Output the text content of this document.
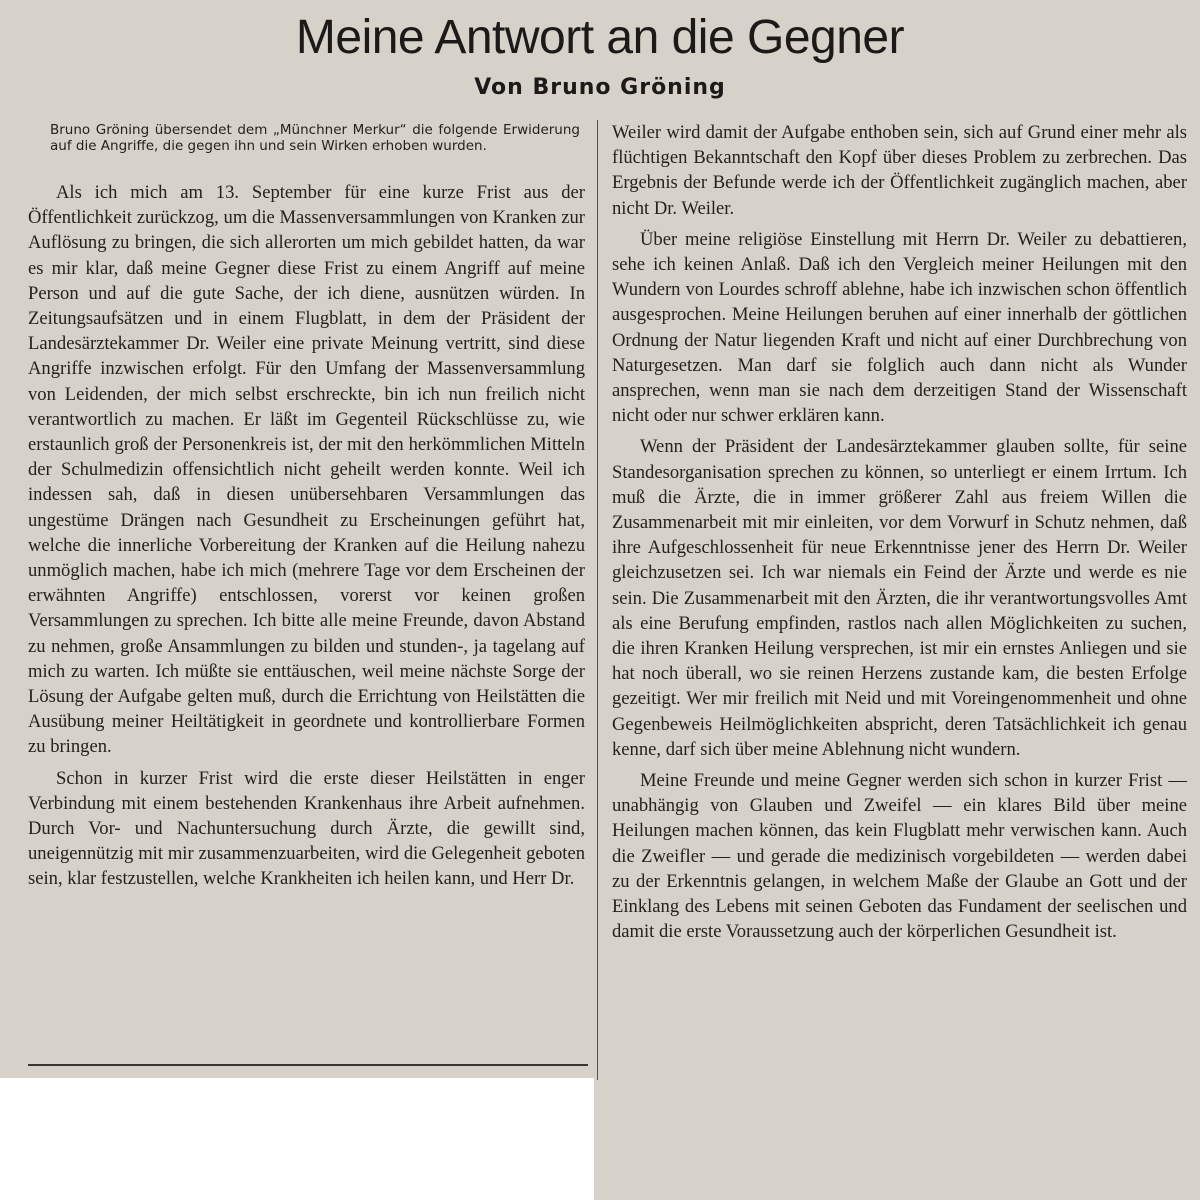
Meine Antwort an die Gegner
Von Bruno Gröning
Bruno Gröning übersendet dem „Münchner Merkur“ die folgende Erwiderung auf die Angriffe, die gegen ihn und sein Wirken erhoben wurden.

Als ich mich am 13. September für eine kurze Frist aus der Öffentlichkeit zurückzog, um die Massenversammlungen von Kranken zur Auflösung zu bringen, die sich allerorten um mich gebildet hatten, da war es mir klar, daß meine Gegner diese Frist zu einem Angriff auf meine Person und auf die gute Sache, der ich diene, ausnützen würden. In Zeitungsaufsätzen und in einem Flugblatt, in dem der Präsident der Landesärztekammer Dr. Weiler eine private Meinung vertritt, sind diese Angriffe inzwischen erfolgt. Für den Umfang der Massenversammlung von Leidenden, der mich selbst erschreckte, bin ich nun freilich nicht verantwortlich zu machen. Er läßt im Gegenteil Rückschlüsse zu, wie erstaunlich groß der Personenkreis ist, der mit den herkömmlichen Mitteln der Schulmedizin offensichtlich nicht geheilt werden konnte. Weil ich indessen sah, daß in diesen unübersehbaren Versammlungen das ungestüme Drängen nach Gesundheit zu Erscheinungen geführt hat, welche die innerliche Vorbereitung der Kranken auf die Heilung nahezu unmöglich machen, habe ich mich (mehrere Tage vor dem Erscheinen der erwähnten Angriffe) entschlossen, vorerst vor keinen großen Versammlungen zu sprechen. Ich bitte alle meine Freunde, davon Abstand zu nehmen, große Ansammlungen zu bilden und stunden-, ja tagelang auf mich zu warten. Ich müßte sie enttäuschen, weil meine nächste Sorge der Lösung der Aufgabe gelten muß, durch die Errichtung von Heilstätten die Ausübung meiner Heiltätigkeit in geordnete und kontrollierbare Formen zu bringen.

Schon in kurzer Frist wird die erste dieser Heilstätten in enger Verbindung mit einem bestehenden Krankenhaus ihre Arbeit aufnehmen. Durch Vor- und Nachuntersuchung durch Ärzte, die gewillt sind, uneigennützig mit mir zusammenzuarbeiten, wird die Gelegenheit geboten sein, klar festzustellen, welche Krankheiten ich heilen kann, und Herr Dr.

Weiler wird damit der Aufgabe enthoben sein, sich auf Grund einer mehr als flüchtigen Bekanntschaft den Kopf über dieses Problem zu zerbrechen. Das Ergebnis der Befunde werde ich der Öffentlichkeit zugänglich machen, aber nicht Dr. Weiler.

Über meine religiöse Einstellung mit Herrn Dr. Weiler zu debattieren, sehe ich keinen Anlaß. Daß ich den Vergleich meiner Heilungen mit den Wundern von Lourdes schroff ablehne, habe ich inzwischen schon öffentlich ausgesprochen. Meine Heilungen beruhen auf einer innerhalb der göttlichen Ordnung der Natur liegenden Kraft und nicht auf einer Durchbrechung von Naturgesetzen. Man darf sie folglich auch dann nicht als Wunder ansprechen, wenn man sie nach dem derzeitigen Stand der Wissenschaft nicht oder nur schwer erklären kann.

Wenn der Präsident der Landesärztekammer glauben sollte, für seine Standesorganisation sprechen zu können, so unterliegt er einem Irrtum. Ich muß die Ärzte, die in immer größerer Zahl aus freiem Willen die Zusammenarbeit mit mir einleiten, vor dem Vorwurf in Schutz nehmen, daß ihre Aufgeschlossenheit für neue Erkenntnisse jener des Herrn Dr. Weiler gleichzusetzen sei. Ich war niemals ein Feind der Ärzte und werde es nie sein. Die Zusammenarbeit mit den Ärzten, die ihr verantwortungsvolles Amt als eine Berufung empfinden, rastlos nach allen Möglichkeiten zu suchen, die ihren Kranken Heilung versprechen, ist mir ein ernstes Anliegen und sie hat noch überall, wo sie reinen Herzens zustande kam, die besten Erfolge gezeitigt. Wer mir freilich mit Neid und mit Voreingenommenheit und ohne Gegenbeweis Heilmöglichkeiten abspricht, deren Tatsächlichkeit ich genau kenne, darf sich über meine Ablehnung nicht wundern.

Meine Freunde und meine Gegner werden sich schon in kurzer Frist — unabhängig von Glauben und Zweifel — ein klares Bild über meine Heilungen machen können, das kein Flugblatt mehr verwischen kann. Auch die Zweifler — und gerade die medizinisch vorgebildeten — werden dabei zu der Erkenntnis gelangen, in welchem Maße der Glaube an Gott und der Einklang des Lebens mit seinen Geboten das Fundament der seelischen und damit die erste Voraussetzung auch der körperlichen Gesundheit ist.
